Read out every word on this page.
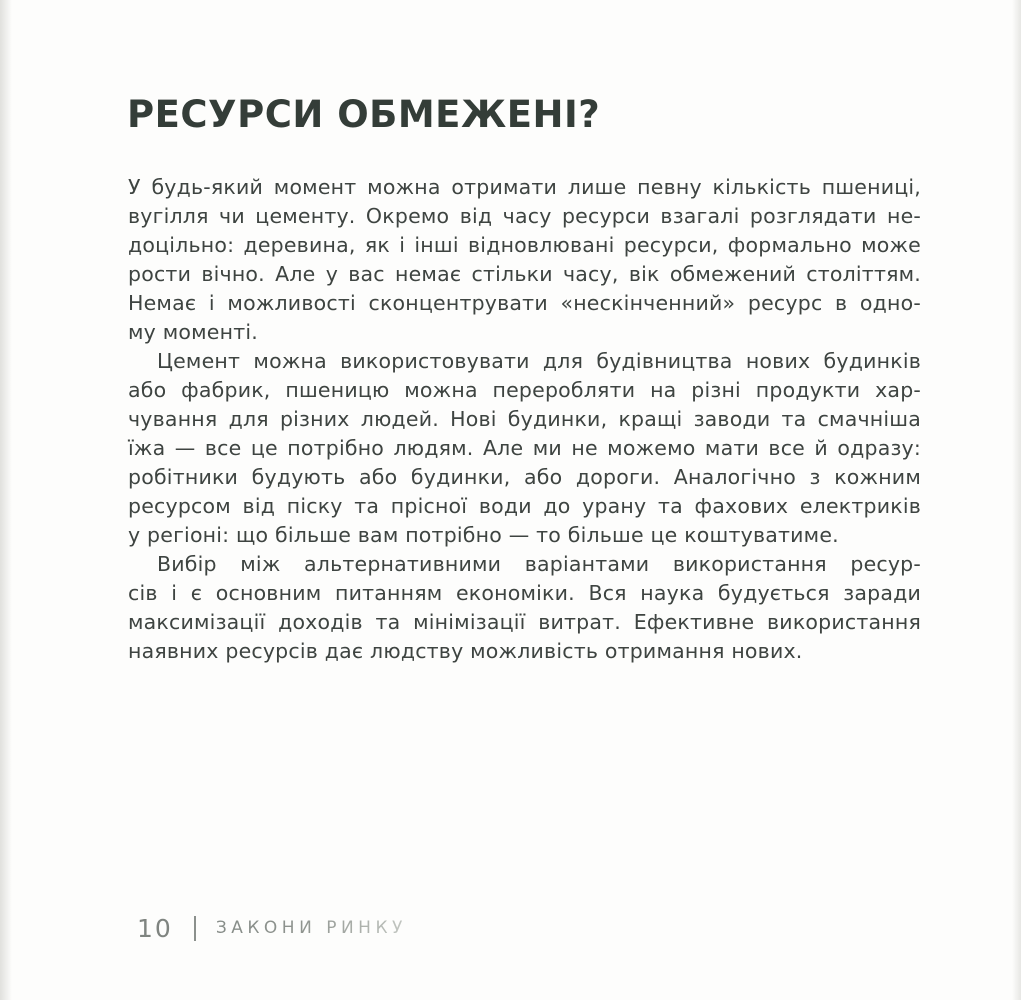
РЕСУРСИ ОБМЕЖЕНІ?
У будь-який момент можна отримати лише певну кількість пшениці,
вугілля чи цементу. Окремо від часу ресурси взагалі розглядати не-
доцільно: деревина, як і інші відновлювані ресурси, формально може
рости вічно. Але у вас немає стільки часу, вік обмежений століттям.
Немає і можливості сконцентрувати «нескінченний» ресурс в одно-
му моменті.
Цемент можна використовувати для будівництва нових будинків
або фабрик, пшеницю можна переробляти на різні продукти хар-
чування для різних людей. Нові будинки, кращі заводи та смачніша
їжа — все це потрібно людям. Але ми не можемо мати все й одразу:
робітники будують або будинки, або дороги. Аналогічно з кожним
ресурсом від піску та прісної води до урану та фахових електриків
у регіоні: що більше вам потрібно — то більше це коштуватиме.
Вибір між альтернативними варіантами використання ресур-
сів і є основним питанням економіки. Вся наука будується заради
максимізації доходів та мінімізації витрат. Ефективне використання
наявних ресурсів дає людству можливість отримання нових.
10	ЗАКОНИ РИНКУ
